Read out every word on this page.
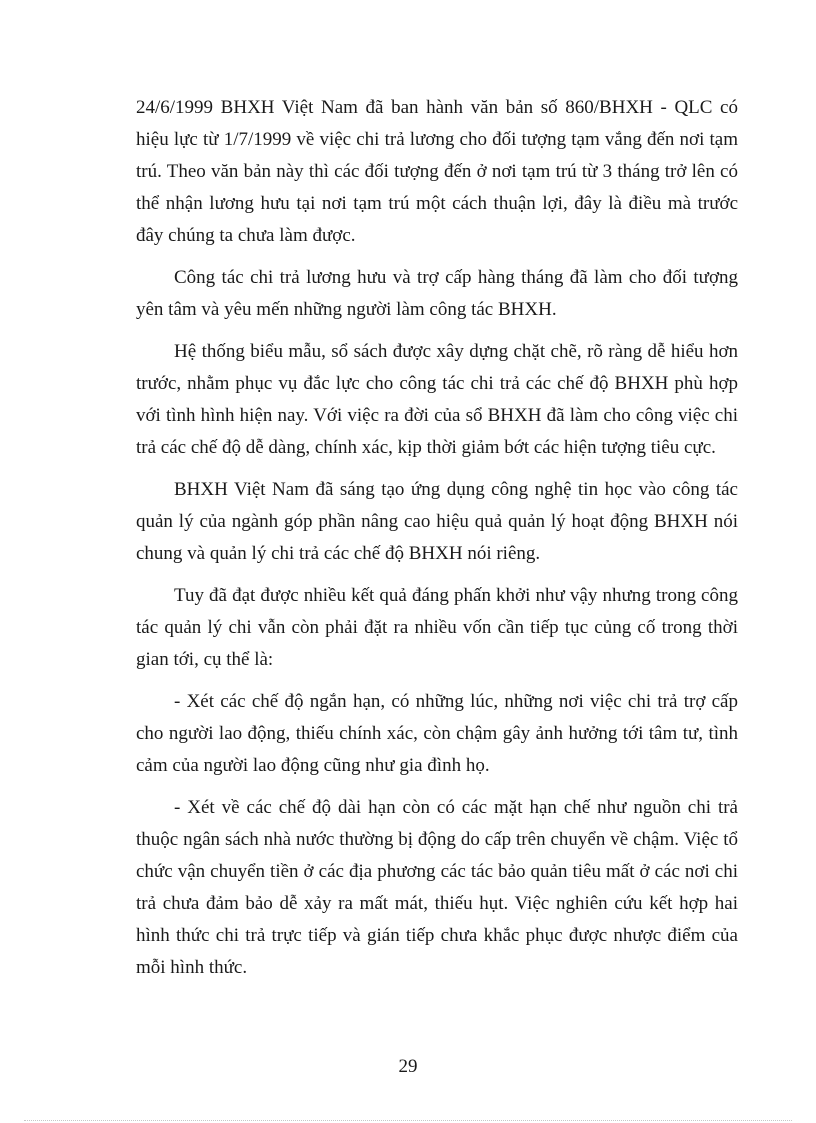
24/6/1999 BHXH Việt Nam đã ban hành văn bản số 860/BHXH - QLC có hiệu lực từ 1/7/1999 về việc chi trả lương cho đối tượng tạm vắng đến nơi tạm trú. Theo văn bản này thì các đối tượng đến ở nơi tạm trú từ 3 tháng trở lên có thể nhận lương hưu tại nơi tạm trú một cách thuận lợi, đây là điều mà trước đây chúng ta chưa làm được.

Công tác chi trả lương hưu và trợ cấp hàng tháng đã làm cho đối tượng yên tâm và yêu mến những người làm công tác BHXH.

Hệ thống biểu mẫu, sổ sách được xây dựng chặt chẽ, rõ ràng dễ hiểu hơn trước, nhằm phục vụ đắc lực cho công tác chi trả các chế độ BHXH phù hợp với tình hình hiện nay. Với việc ra đời của sổ BHXH đã làm cho công việc chi trả các chế độ dễ dàng, chính xác, kịp thời giảm bớt các hiện tượng tiêu cực.

BHXH Việt Nam đã sáng tạo ứng dụng công nghệ tin học vào công tác quản lý của ngành góp phần nâng cao hiệu quả quản lý hoạt động BHXH nói chung và quản lý chi trả các chế độ BHXH nói riêng.

Tuy đã đạt được nhiều kết quả đáng phấn khởi như vậy nhưng trong công tác quản lý chi vẫn còn phải đặt ra nhiều vốn cần tiếp tục củng cố trong thời gian tới, cụ thể là:

- Xét các chế độ ngắn hạn, có những lúc, những nơi việc chi trả trợ cấp cho người lao động, thiếu chính xác, còn chậm gây ảnh hưởng tới tâm tư, tình cảm của người lao động cũng như gia đình họ.

- Xét về các chế độ dài hạn còn có các mặt hạn chế như nguồn chi trả thuộc ngân sách nhà nước thường bị động do cấp trên chuyển về chậm. Việc tổ chức vận chuyển tiền ở các địa phương các tác bảo quản tiêu mất ở các nơi chi trả chưa đảm bảo dễ xảy ra mất mát, thiếu hụt. Việc nghiên cứu kết hợp hai hình thức chi trả trực tiếp và gián tiếp chưa khắc phục được nhược điểm của mỗi hình thức.

29
